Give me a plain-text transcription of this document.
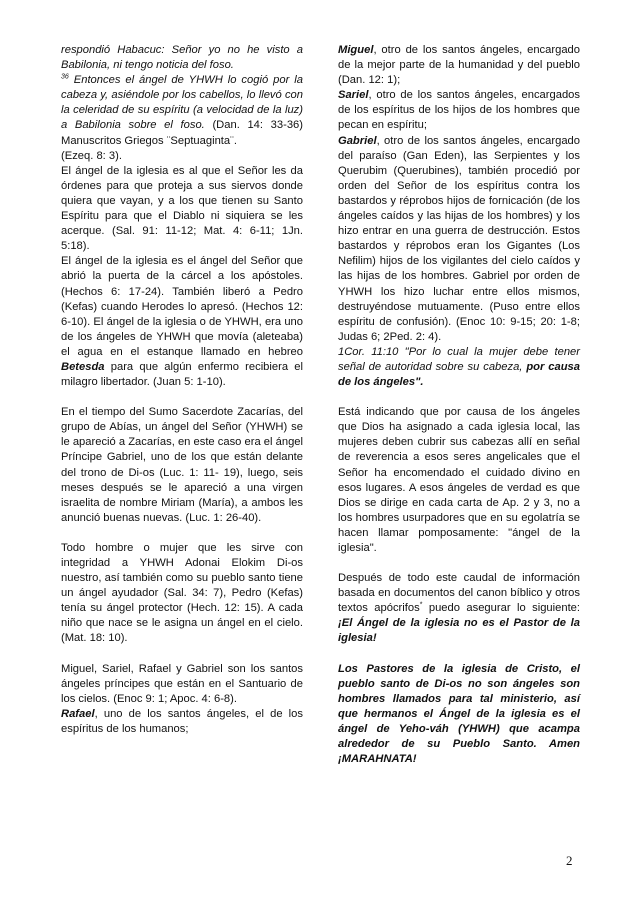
respondió Habacuc: Señor yo no he visto a Babilonia, ni tengo noticia del foso.
$^{36}$ Entonces el ángel de YHWH lo cogió por la cabeza y, asiéndole por los cabellos, lo llevó con la celeridad de su espíritu (a velocidad de la luz) a Babilonia sobre el foso. (Dan. 14: 33-36) Manuscritos Griegos ¨Septuaginta¨.
(Ezeq. 8: 3).

El ángel de la iglesia es al que el Señor les da órdenes para que proteja a sus siervos donde quiera que vayan, y a los que tienen su Santo Espíritu para que el Diablo ni siquiera se les acerque. (Sal. 91: 11-12; Mat. 4: 6-11; 1Jn. 5:18).

El ángel de la iglesia es el ángel del Señor que abrió la puerta de la cárcel a los apóstoles. (Hechos 6: 17-24). También liberó a Pedro (Kefas) cuando Herodes lo apresó. (Hechos 12: 6-10). El ángel de la iglesia o de YHWH, era uno de los ángeles de YHWH que movía (aleteaba) el agua en el estanque llamado en hebreo Betesda para que algún enfermo recibiera el milagro libertador. (Juan 5: 1-10).

En el tiempo del Sumo Sacerdote Zacarías, del grupo de Abías, un ángel del Señor (YHWH) se le apareció a Zacarías, en este caso era el ángel Príncipe Gabriel, uno de los que están delante del trono de Di-os (Luc. 1: 11- 19), luego, seis meses después se le apareció a una virgen israelita de nombre Miriam (María), a ambos les anunció buenas nuevas. (Luc. 1: 26-40).

Todo hombre o mujer que les sirve con integridad a YHWH Adonai Elokim Di-os nuestro, así también como su pueblo santo tiene un ángel ayudador (Sal. 34: 7), Pedro (Kefas) tenía su ángel protector (Hech. 12: 15). A cada niño que nace se le asigna un ángel en el cielo. (Mat. 18: 10).

Miguel, Sariel, Rafael y Gabriel son los santos ángeles príncipes que están en el Santuario de los cielos. (Enoc 9: 1; Apoc. 4: 6-8).

Rafael, uno de los santos ángeles, el de los espíritus de los humanos;

Miguel, otro de los santos ángeles, encargado de la mejor parte de la humanidad y del pueblo (Dan. 12: 1);

Sariel, otro de los santos ángeles, encargados de los espíritus de los hijos de los hombres que pecan en espíritu;

Gabriel, otro de los santos ángeles, encargado del paraíso (Gan Eden), las Serpientes y los Querubim (Querubines), también procedió por orden del Señor de los espíritus contra los bastardos y réprobos hijos de fornicación (de los ángeles caídos y las hijas de los hombres) y los hizo entrar en una guerra de destrucción. Estos bastardos y réprobos eran los Gigantes (Los Nefilim) hijos de los vigilantes del cielo caídos y las hijas de los hombres. Gabriel por orden de YHWH los hizo luchar entre ellos mismos, destruyéndose mutuamente. (Puso entre ellos espíritu de confusión). (Enoc 10: 9-15; 20: 1-8; Judas 6; 2Ped. 2: 4).

1Cor. 11:10 "Por lo cual la mujer debe tener señal de autoridad sobre su cabeza, por causa de los ángeles".

Está indicando que por causa de los ángeles que Dios ha asignado a cada iglesia local, las mujeres deben cubrir sus cabezas allí en señal de reverencia a esos seres angelicales que el Señor ha encomendado el cuidado divino en esos lugares. A esos ángeles de verdad es que Dios se dirige en cada carta de Ap. 2 y 3, no a los hombres usurpadores que en su egolatría se hacen llamar pomposamente: "ángel de la iglesia".

Después de todo este caudal de información basada en documentos del canon bíblico y otros textos apócrifos* puedo asegurar lo siguiente: ¡El Ángel de la iglesia no es el Pastor de la iglesia!

Los Pastores de la iglesia de Cristo, el pueblo santo de Di-os no son ángeles son hombres llamados para tal ministerio, así que hermanos el Ángel de la iglesia es el ángel de Yeho-váh (YHWH) que acampa alrededor de su Pueblo Santo. Amen ¡MARAHNATA!

2
